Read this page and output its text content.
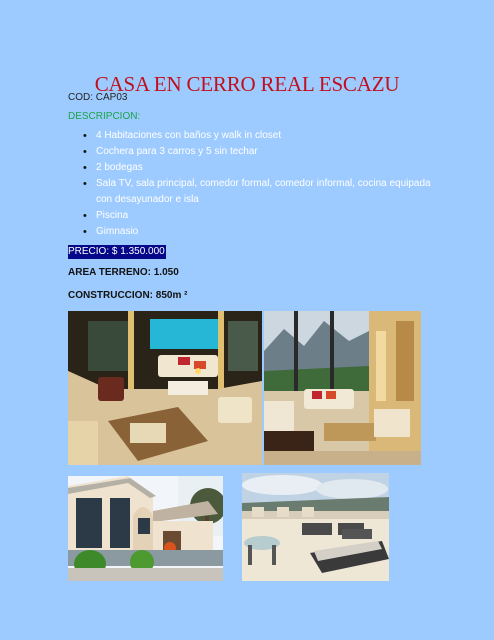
CASA EN CERRO REAL ESCAZU
COD: CAP03
DESCRIPCION:
• 4 Habitaciones con baños y walk in closet
• Cochera para 3 carros y 5 sin techar
• 2 bodegas
• Sala TV, sala principal, comedor formal, comedor informal, cocina equipada con desayunador e isla
• Piscina
• Gimnasio
PRECIO: $ 1.350.000
AREA TERRENO: 1.050
CONSTRUCCION: 850m ²
